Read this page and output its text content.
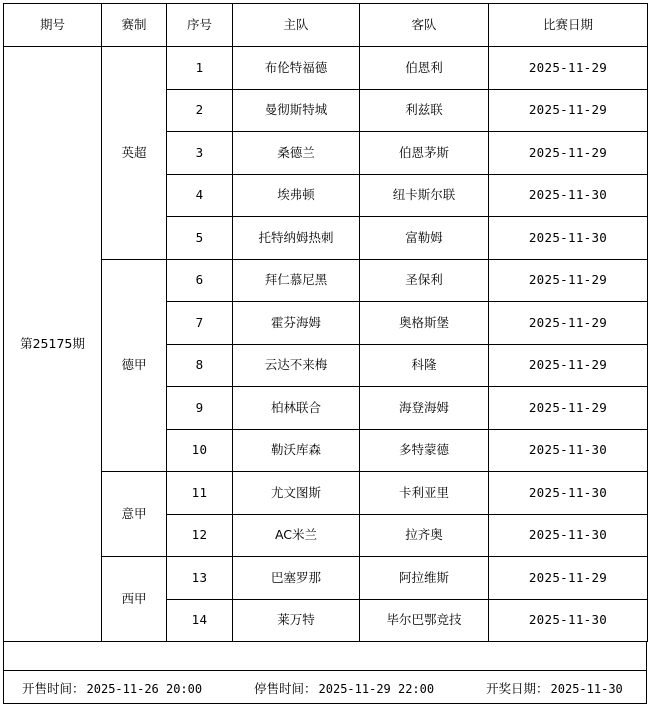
期号	赛制	序号	主队	客队	比赛日期
第25175期	英超	1	布伦特福德	伯恩利	2025-11-29
		2	曼彻斯特城	利兹联	2025-11-29
		3	桑德兰	伯恩茅斯	2025-11-29
		4	埃弗顿	纽卡斯尔联	2025-11-30
		5	托特纳姆热刺	富勒姆	2025-11-30
	德甲	6	拜仁慕尼黑	圣保利	2025-11-29
		7	霍芬海姆	奥格斯堡	2025-11-29
		8	云达不来梅	科隆	2025-11-29
		9	柏林联合	海登海姆	2025-11-29
		10	勒沃库森	多特蒙德	2025-11-30
	意甲	11	尤文图斯	卡利亚里	2025-11-30
		12	AC米兰	拉齐奥	2025-11-30
	西甲	13	巴塞罗那	阿拉维斯	2025-11-29
		14	莱万特	毕尔巴鄂竞技	2025-11-30
开售时间： 2025-11-26 20:00	停售时间： 2025-11-29 22:00	开奖日期： 2025-11-30
